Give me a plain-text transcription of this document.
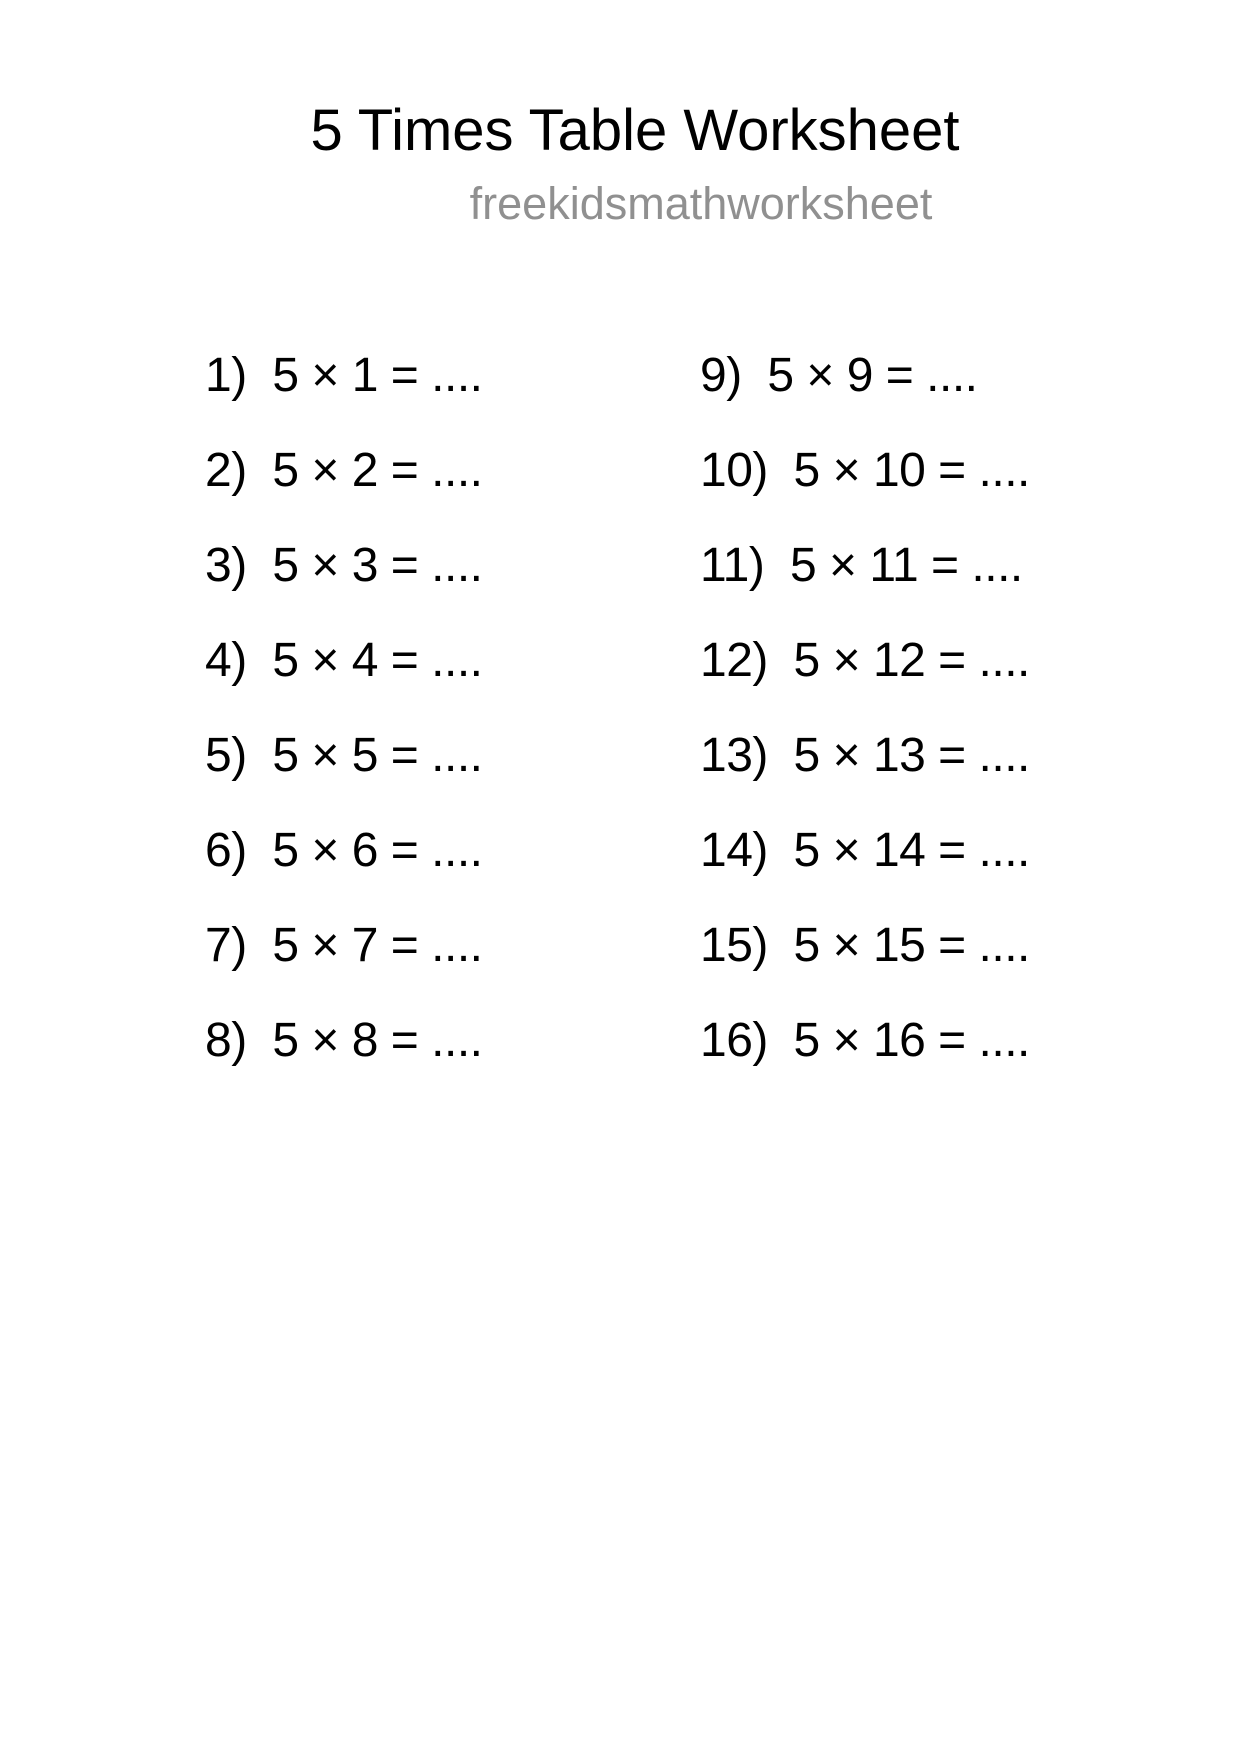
5 Times Table Worksheet
freekidsmathworksheet
1)  5 × 1 = ....
2)  5 × 2 = ....
3)  5 × 3 = ....
4)  5 × 4 = ....
5)  5 × 5 = ....
6)  5 × 6 = ....
7)  5 × 7 = ....
8)  5 × 8 = ....
9)  5 × 9 = ....
10)  5 × 10 = ....
11)  5 × 11 = ....
12)  5 × 12 = ....
13)  5 × 13 = ....
14)  5 × 14 = ....
15)  5 × 15 = ....
16)  5 × 16 = ....
